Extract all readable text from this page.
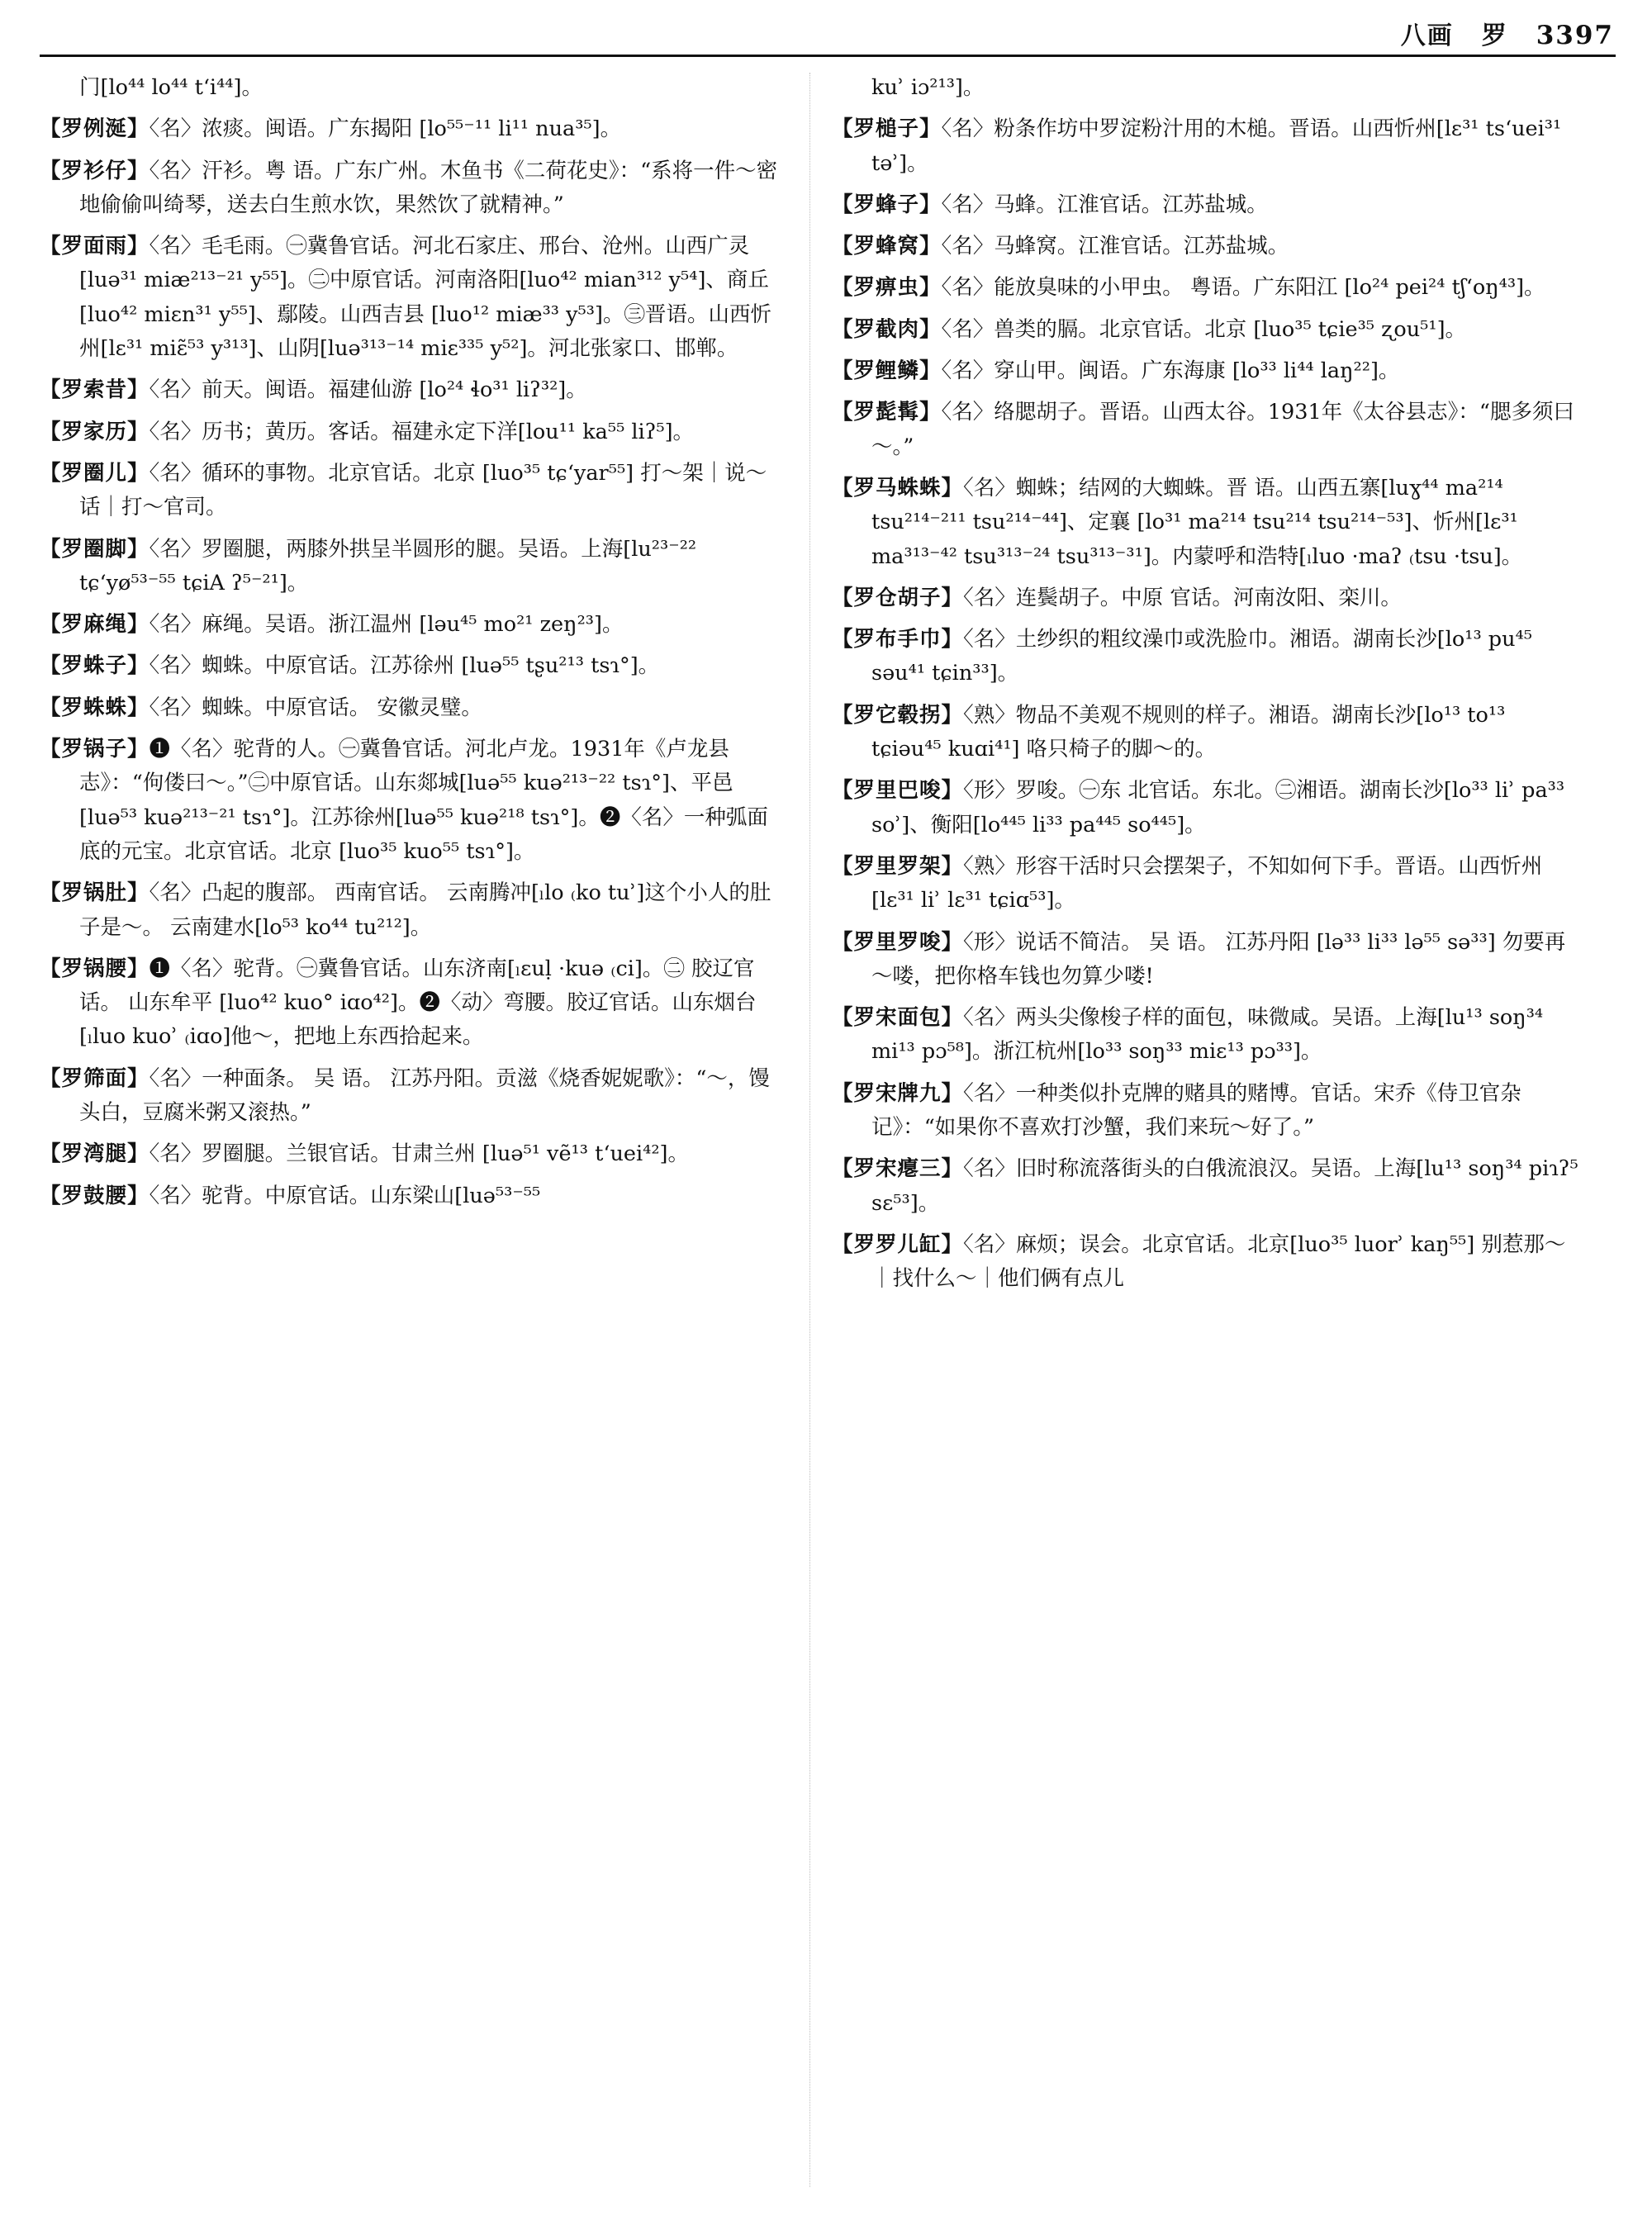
八画 罗 3397
门[lo⁴⁴ lo⁴⁴ tʻi⁴⁴]。
【罗例涎】〈名〉浓痰。闽语。广东揭阳 [lo⁵⁵⁻¹¹ li¹¹ nua³⁵]。
【罗衫仔】〈名〉汗衫。粤 语。广东广州。木鱼书《二荷花史》：“系将一件～密地偷偷叫绮琴，送去白生煎水饮，果然饮了就精神。”
【罗面雨】〈名〉毛毛雨。㊀冀鲁官话。河北石家庄、邢台、沧州。山西广灵[luə³¹ miæ²¹³⁻²¹ y⁵⁵]。㊁中原官话。河南洛阳[luo⁴² mian³¹² y⁵⁴]、商丘[luo⁴² miɛn³¹ y⁵⁵]、鄢陵。山西吉县 [luo¹² miæ³³ y⁵³]。㊂晋语。山西忻州[lɛ³¹ miɛ̃⁵³ y³¹³]、山阴[luə³¹³⁻¹⁴ miɛ³³⁵ y⁵²]。河北张家口、邯郸。
【罗索昔】〈名〉前天。闽语。福建仙游 [lo²⁴ ɬo³¹ liʔ³²]。
【罗家历】〈名〉历书；黄历。客话。福建永定下洋[lou¹¹ ka⁵⁵ liʔ⁵]。
【罗圈儿】〈名〉循环的事物。北京官话。北京 [luo³⁵ tɕʻyar⁵⁵] 打～架｜说～话｜打～官司。
【罗圈脚】〈名〉罗圈腿，两膝外拱呈半圆形的腿。吴语。上海[lu²³⁻²² tɕʻyø⁵³⁻⁵⁵ tɕiA ʔ⁵⁻²¹]。
【罗麻绳】〈名〉麻绳。吴语。浙江温州 [ləu⁴⁵ mo²¹ zeŋ²³]。
【罗蛛子】〈名〉蜘蛛。中原官话。江苏徐州 [luə⁵⁵ tʂu²¹³ tsɿ°]。
【罗蛛蛛】〈名〉蜘蛛。中原官话。 安徽灵璧。
【罗锅子】❶〈名〉驼背的人。㊀冀鲁官话。河北卢龙。1931年《卢龙县志》：“佝偻曰～。”㊁中原官话。山东郯城[luə⁵⁵ kuə²¹³⁻²² tsɿ°]、平邑[luə⁵³ kuə²¹³⁻²¹ tsɿ°]。江苏徐州[luə⁵⁵ kuə²¹⁸ tsɿ°]。❷〈名〉一种弧面底的元宝。北京官话。北京 [luo³⁵ kuo⁵⁵ tsɿ°]。
【罗锅肚】〈名〉凸起的腹部。 西南官话。 云南腾冲[ₗlo ₍ko tuʾ]这个小人的肚子是～。 云南建水[lo⁵³ ko⁴⁴ tu²¹²]。
【罗锅腰】❶〈名〉驼背。㊀冀鲁官话。山东济南[ₗɛuḷ ·kuə ₍ci]。㊁ 胶辽官话。 山东牟平 [luo⁴² kuo° iɑo⁴²]。❷〈动〉弯腰。胶辽官话。山东烟台 [ₗluo kuoʾ ₍iɑo]他～，把地上东西拾起来。
【罗筛面】〈名〉一种面条。 吴 语。 江苏丹阳。贡滋《烧香妮妮歌》：“～，馒头白，豆腐米粥又滚热。”
【罗湾腿】〈名〉罗圈腿。兰银官话。甘肃兰州 [luə⁵¹ vẽ¹³ tʻuei⁴²]。
【罗鼓腰】〈名〉驼背。中原官话。山东梁山[luə⁵³⁻⁵⁵
kuʾ iɔ²¹³]。
【罗槌子】〈名〉粉条作坊中罗淀粉汁用的木槌。晋语。山西忻州[lɛ³¹ tsʻuei³¹ təʾ]。
【罗蜂子】〈名〉马蜂。江淮官话。江苏盐城。
【罗蜂窝】〈名〉马蜂窝。江淮官话。江苏盐城。
【罗痹虫】〈名〉能放臭味的小甲虫。 粤语。广东阳江 [lo²⁴ pei²⁴ tʃʻoŋ⁴³]。
【罗截肉】〈名〉兽类的膈。北京官话。北京 [luo³⁵ tɕie³⁵ ʐou⁵¹]。
【罗鲤鳞】〈名〉穿山甲。闽语。广东海康 [lo³³ li⁴⁴ laŋ²²]。
【罗髭髯】〈名〉络腮胡子。晋语。山西太谷。1931年《太谷县志》：“腮多须曰～。”
【罗马蛛蛛】〈名〉蜘蛛；结网的大蜘蛛。晋 语。山西五寨[luɣ⁴⁴ ma²¹⁴ tsu²¹⁴⁻²¹¹ tsu²¹⁴⁻⁴⁴]、定襄 [lo³¹ ma²¹⁴ tsu²¹⁴ tsu²¹⁴⁻⁵³]、忻州[lɛ³¹ ma³¹³⁻⁴² tsu³¹³⁻²⁴ tsu³¹³⁻³¹]。内蒙呼和浩特[ₗluo ·maʔ ₍tsu ·tsu]。
【罗仓胡子】〈名〉连鬓胡子。中原 官话。河南汝阳、栾川。
【罗布手巾】〈名〉土纱织的粗纹澡巾或洗脸巾。湘语。湖南长沙[lo¹³ pu⁴⁵ səu⁴¹ tɕin³³]。
【罗它毂拐】〈熟〉物品不美观不规则的样子。湘语。湖南长沙[lo¹³ to¹³ tɕiəu⁴⁵ kuɑi⁴¹] 咯只椅子的脚～的。
【罗里巴唆】〈形〉罗唆。㊀东 北官话。东北。㊁湘语。湖南长沙[lo³³ liʾ pa³³ soʾ]、衡阳[lo⁴⁴⁵ li³³ pa⁴⁴⁵ so⁴⁴⁵]。
【罗里罗架】〈熟〉形容干活时只会摆架子，不知如何下手。晋语。山西忻州[lɛ³¹ liʾ lɛ³¹ tɕiɑ⁵³]。
【罗里罗唆】〈形〉说话不简洁。 吴 语。 江苏丹阳 [lə³³ li³³ lə⁵⁵ sə³³] 勿要再～喽，把你格车钱也勿算少喽!
【罗宋面包】〈名〉两头尖像梭子样的面包，味微咸。吴语。上海[lu¹³ soŋ³⁴ mi¹³ pɔ⁵⁸]。浙江杭州[lo³³ soŋ³³ miɛ¹³ pɔ³³]。
【罗宋牌九】〈名〉一种类似扑克牌的赌具的赌博。官话。宋乔《侍卫官杂记》：“如果你不喜欢打沙蟹，我们来玩～好了。”
【罗宋瘪三】〈名〉旧时称流落街头的白俄流浪汉。吴语。上海[lu¹³ soŋ³⁴ piɿʔ⁵ sɛ⁵³]。
【罗罗儿缸】〈名〉麻烦；误会。北京官话。北京[luo³⁵ luorʾ kaŋ⁵⁵] 别惹那～｜找什么～｜他们俩有点儿
